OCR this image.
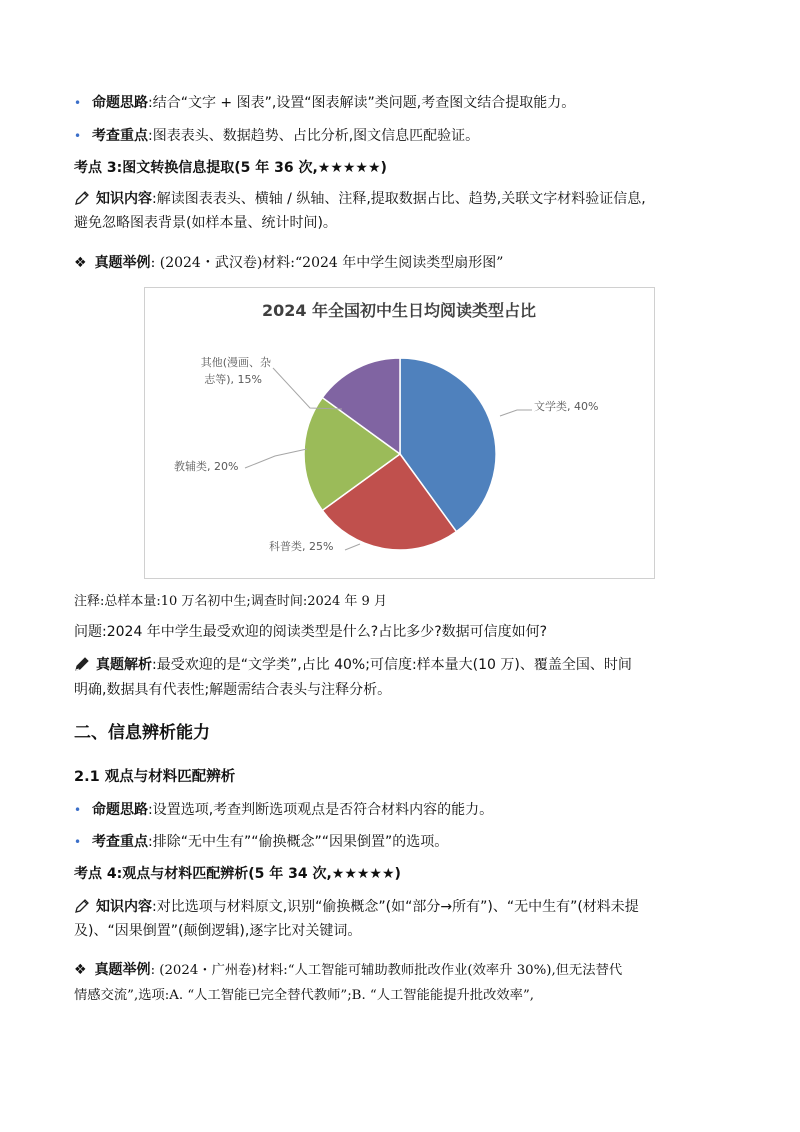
• 命题思路:结合“文字 + 图表”,设置“图表解读”类问题,考查图文结合提取能力。
• 考查重点:图表表头、数据趋势、占比分析,图文信息匹配验证。
考点 3:图文转换信息提取(5 年 36 次,★★★★★)
知识内容:解读图表表头、横轴 / 纵轴、注释,提取数据占比、趋势,关联文字材料验证信息,
避免忽略图表背景(如样本量、统计时间)。
❖ 真题举例: (2024・武汉卷)材料:“2024 年中学生阅读类型扇形图”
2024 年全国初中生日均阅读类型占比
文学类, 40%
科普类, 25%
教辅类, 20%
其他(漫画、杂
志等), 15%
注释:总样本量:10 万名初中生;调查时间:2024 年 9 月
问题:2024 年中学生最受欢迎的阅读类型是什么?占比多少?数据可信度如何?
真题解析:最受欢迎的是“文学类”,占比 40%;可信度:样本量大(10 万)、覆盖全国、时间
明确,数据具有代表性;解题需结合表头与注释分析。
二、信息辨析能力
2.1 观点与材料匹配辨析
• 命题思路:设置选项,考查判断选项观点是否符合材料内容的能力。
• 考查重点:排除“无中生有”“偷换概念”“因果倒置”的选项。
考点 4:观点与材料匹配辨析(5 年 34 次,★★★★★)
知识内容:对比选项与材料原文,识别“偷换概念”(如“部分→所有”)、“无中生有”(材料未提
及)、“因果倒置”(颠倒逻辑),逐字比对关键词。
❖ 真题举例: (2024・广州卷)材料:“人工智能可辅助教师批改作业(效率升 30%),但无法替代
情感交流”,选项:A. “人工智能已完全替代教师”;B. “人工智能能提升批改效率”,
